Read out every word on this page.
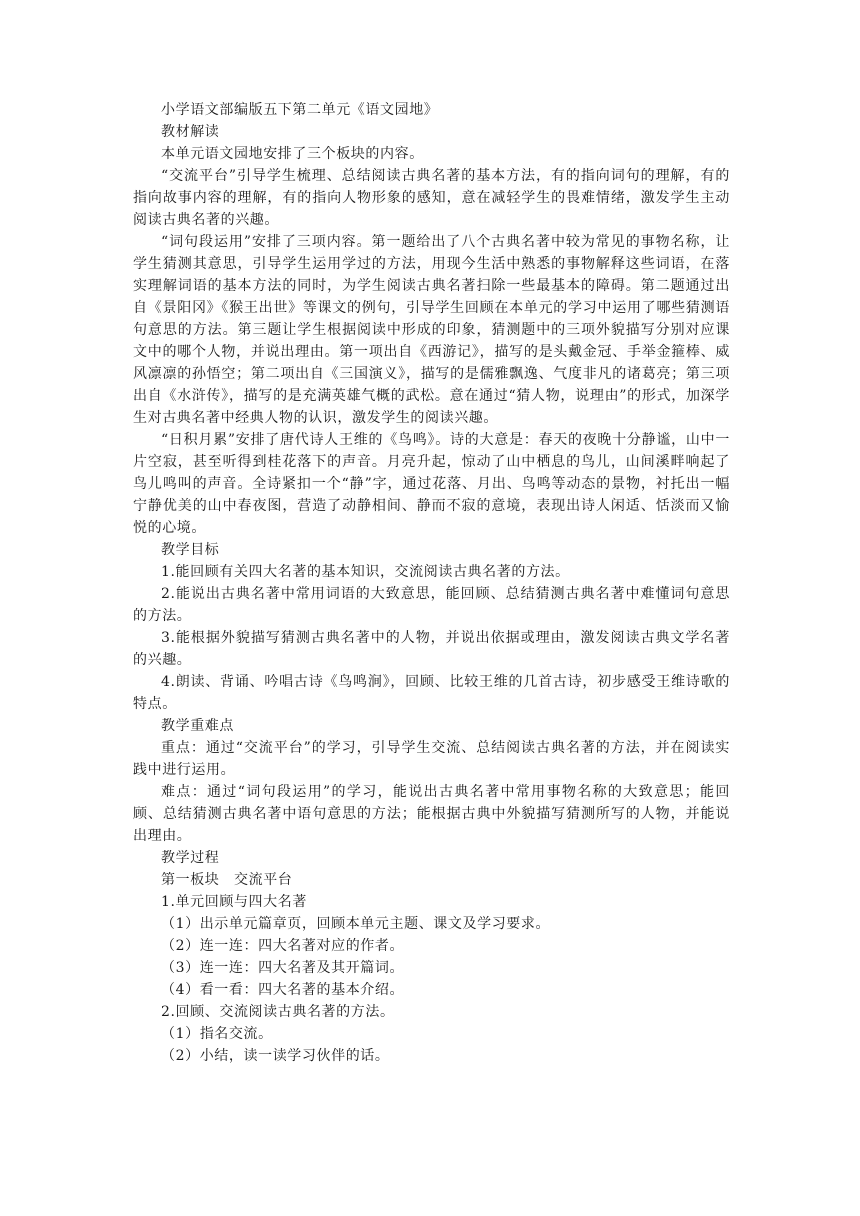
小学语文部编版五下第二单元《语文园地》

教材解读

本单元语文园地安排了三个板块的内容。

“交流平台”引导学生梳理、总结阅读古典名著的基本方法，有的指向词句的理解，有的指向故事内容的理解，有的指向人物形象的感知，意在减轻学生的畏难情绪，激发学生主动阅读古典名著的兴趣。

“词句段运用”安排了三项内容。第一题给出了八个古典名著中较为常见的事物名称，让学生猜测其意思，引导学生运用学过的方法，用现今生活中熟悉的事物解释这些词语，在落实理解词语的基本方法的同时，为学生阅读古典名著扫除一些最基本的障碍。第二题通过出自《景阳冈》《猴王出世》等课文的例句，引导学生回顾在本单元的学习中运用了哪些猜测语句意思的方法。第三题让学生根据阅读中形成的印象，猜测题中的三项外貌描写分别对应课文中的哪个人物，并说出理由。第一项出自《西游记》，描写的是头戴金冠、手举金箍棒、威风凛凛的孙悟空；第二项出自《三国演义》，描写的是儒雅飘逸、气度非凡的诸葛亮；第三项出自《水浒传》，描写的是充满英雄气概的武松。意在通过“猜人物，说理由”的形式，加深学生对古典名著中经典人物的认识，激发学生的阅读兴趣。

“日积月累”安排了唐代诗人王维的《鸟鸣》。诗的大意是：春天的夜晚十分静谧，山中一片空寂，甚至听得到桂花落下的声音。月亮升起，惊动了山中栖息的鸟儿，山间溪畔响起了鸟儿鸣叫的声音。全诗紧扣一个“静”字，通过花落、月出、鸟鸣等动态的景物，衬托出一幅宁静优美的山中春夜图，营造了动静相间、静而不寂的意境，表现出诗人闲适、恬淡而又愉悦的心境。

教学目标

1.能回顾有关四大名著的基本知识，交流阅读古典名著的方法。

2.能说出古典名著中常用词语的大致意思，能回顾、总结猜测古典名著中难懂词句意思的方法。

3.能根据外貌描写猜测古典名著中的人物，并说出依据或理由，激发阅读古典文学名著的兴趣。

4.朗读、背诵、吟唱古诗《鸟鸣涧》，回顾、比较王维的几首古诗，初步感受王维诗歌的特点。

教学重难点

重点：通过“交流平台”的学习，引导学生交流、总结阅读古典名著的方法，并在阅读实践中进行运用。

难点：通过“词句段运用”的学习，能说出古典名著中常用事物名称的大致意思；能回顾、总结猜测古典名著中语句意思的方法；能根据古典中外貌描写猜测所写的人物，并能说出理由。

教学过程

第一板块　交流平台

1.单元回顾与四大名著

（1）出示单元篇章页，回顾本单元主题、课文及学习要求。

（2）连一连：四大名著对应的作者。

（3）连一连：四大名著及其开篇词。

（4）看一看：四大名著的基本介绍。

2.回顾、交流阅读古典名著的方法。

（1）指名交流。

（2）小结，读一读学习伙伴的话。
